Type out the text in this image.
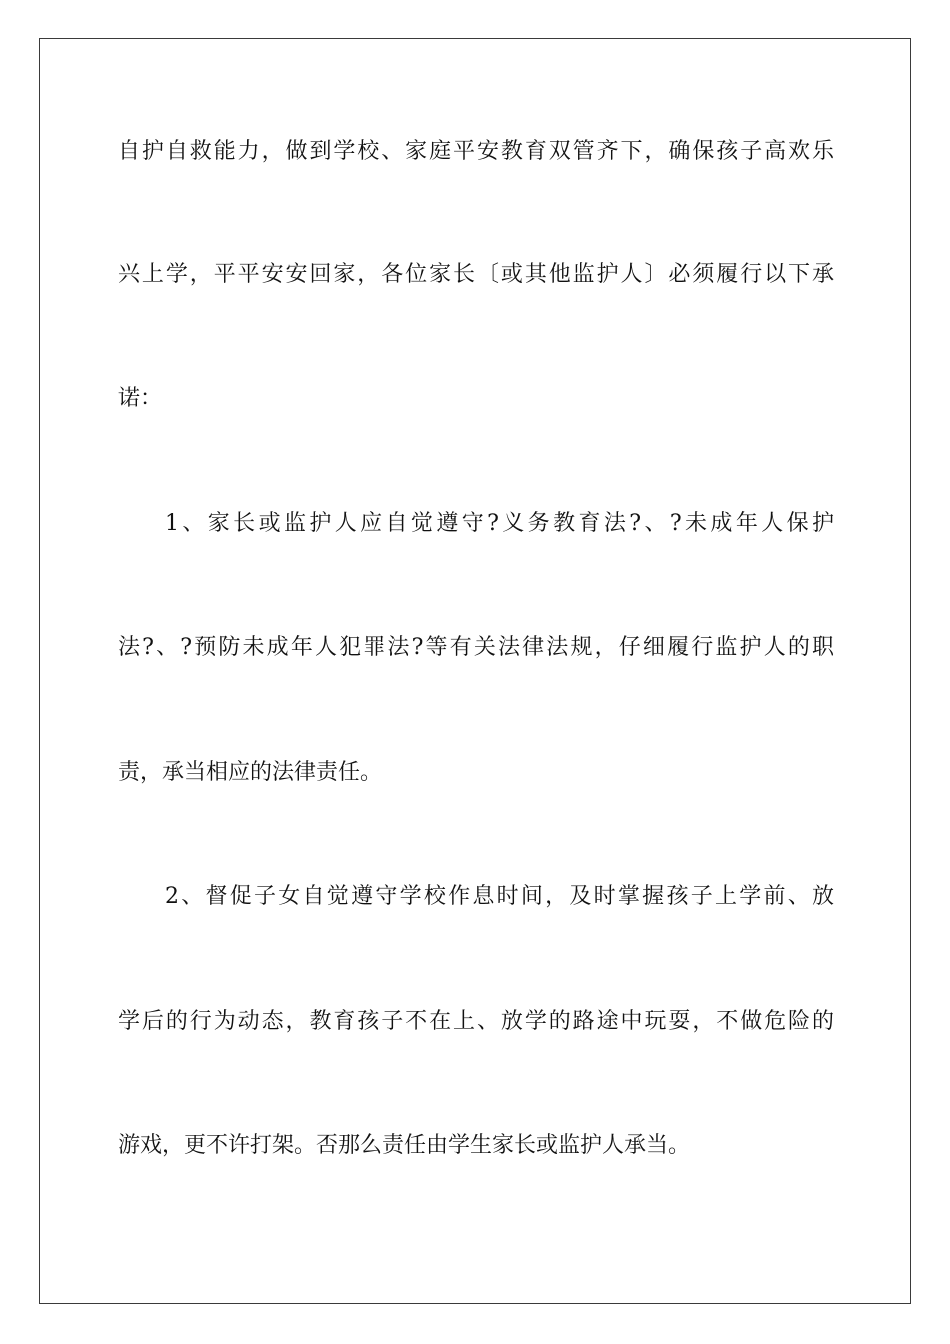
自护自救能力，做到学校、家庭平安教育双管齐下，确保孩子高欢乐
兴上学，平平安安回家，各位家长〔或其他监护人〕必须履行以下承
诺：
1、家长或监护人应自觉遵守?义务教育法?、?未成年人保护
法?、?预防未成年人犯罪法?等有关法律法规，仔细履行监护人的职
责，承当相应的法律责任。
2、督促子女自觉遵守学校作息时间，及时掌握孩子上学前、放
学后的行为动态，教育孩子不在上、放学的路途中玩耍，不做危险的
游戏，更不许打架。否那么责任由学生家长或监护人承当。
